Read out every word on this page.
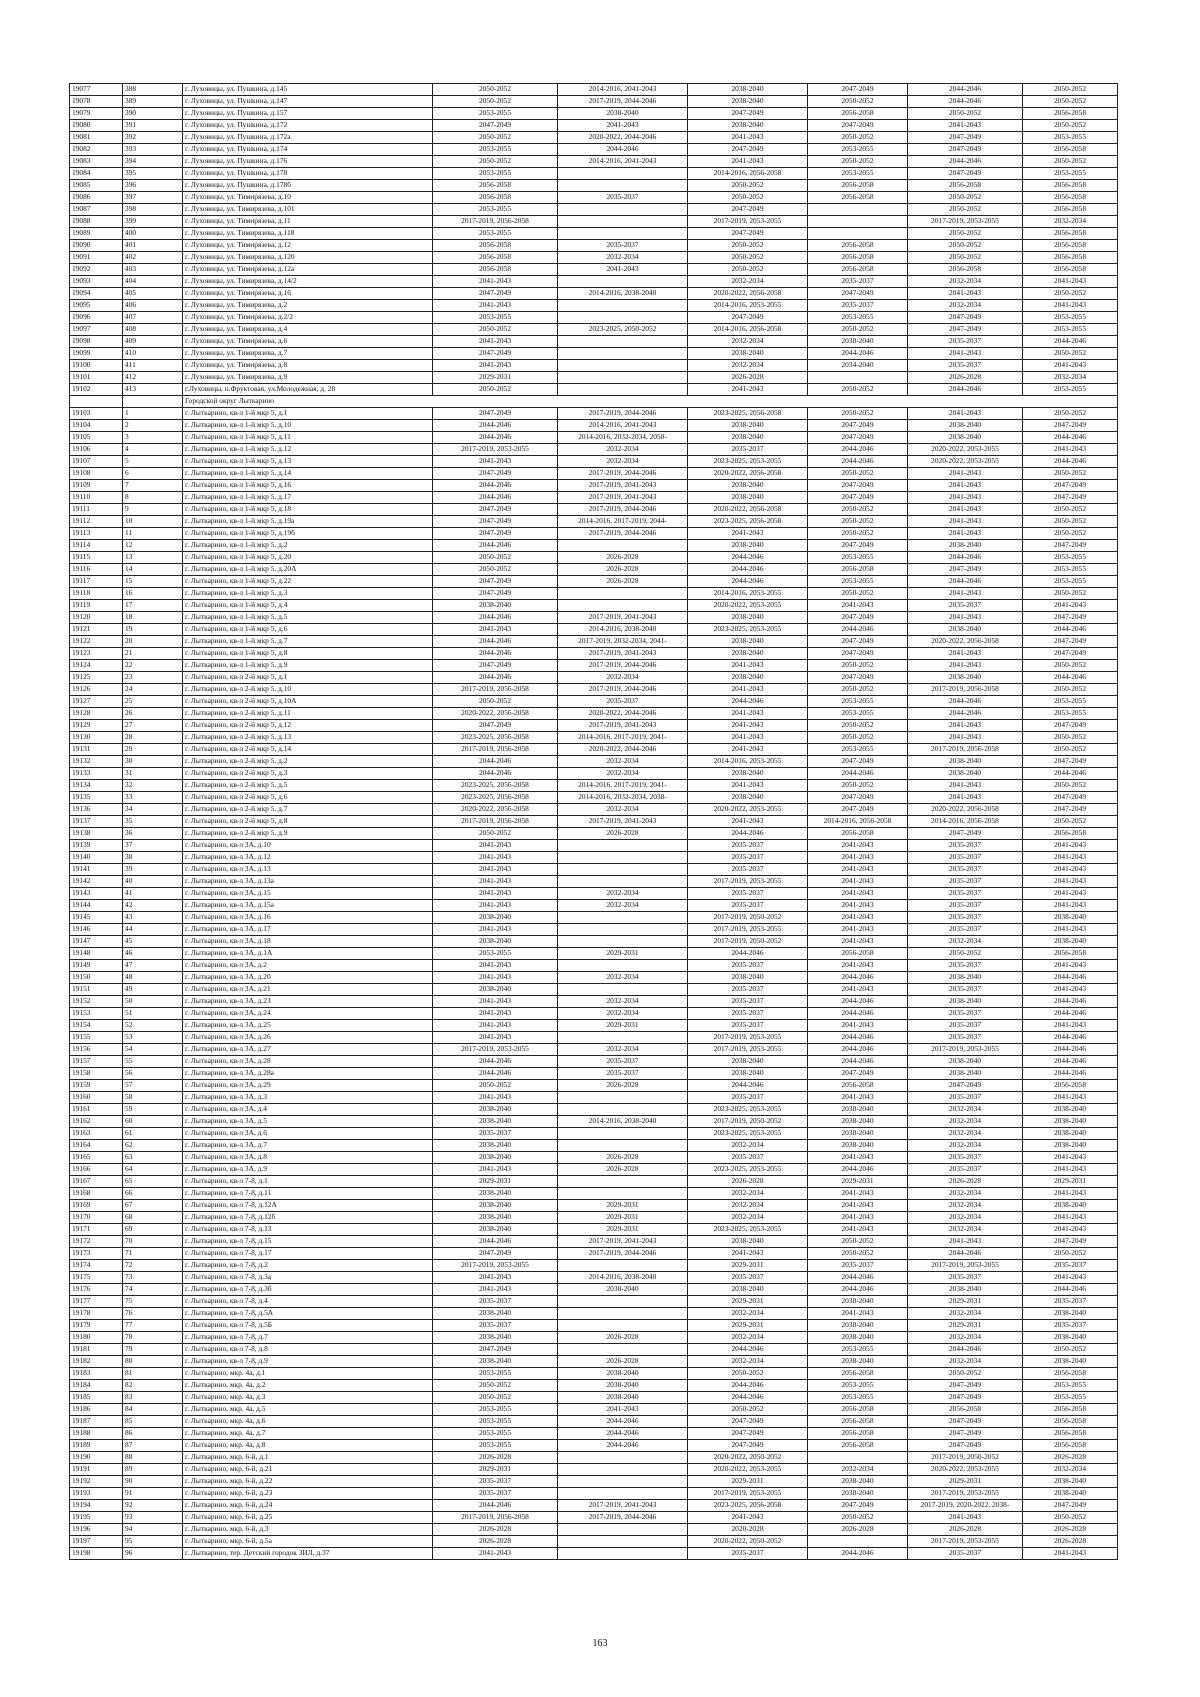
19077	388	г. Луховицы, ул. Пушкина, д.145	2050-2052	2014-2016, 2041-2043	2038-2040	2047-2049	2044-2046	2050-2052
19078	389	г. Луховицы, ул. Пушкина, д.147	2050-2052	2017-2019, 2044-2046	2038-2040	2050-2052	2044-2046	2050-2052
19079	390	г. Луховицы, ул. Пушкина, д.157	2053-2055	2038-2040	2047-2049	2056-2058	2050-2052	2056-2058
19080	391	г. Луховицы, ул. Пушкина, д.172	2047-2049	2041-2043	2038-2040	2047-2049	2041-2043	2050-2052
19081	392	г. Луховицы, ул. Пушкина, д.172а	2050-2052	2020-2022, 2044-2046	2041-2043	2050-2052	2047-2049	2053-2055
19082	393	г. Луховицы, ул. Пушкина, д.174	2053-2055	2044-2046	2047-2049	2053-2055	2047-2049	2056-2058
19083	394	г. Луховицы, ул. Пушкина, д.176	2050-2052	2014-2016, 2041-2043	2041-2043	2050-2052	2044-2046	2050-2052
19084	395	г. Луховицы, ул. Пушкина, д.178	2053-2055		2014-2016, 2056-2058	2053-2055	2047-2049	2053-2055
19085	396	г. Луховицы, ул. Пушкина, д.178б	2056-2058		2050-2052	2056-2058	2056-2058	2056-2058
19086	397	г. Луховицы, ул. Тимирязева, д.10	2056-2058	2035-2037	2050-2052	2056-2058	2050-2052	2056-2058
19087	398	г. Луховицы, ул. Тимирязева, д.101	2053-2055		2047-2049		2050-2052	2056-2058
19088	399	г. Луховицы, ул. Тимирязева, д.11	2017-2019, 2056-2058		2017-2019, 2053-2055		2017-2019, 2053-2055	2032-2034
19089	400	г. Луховицы, ул. Тимирязева, д.118	2053-2055		2047-2049		2050-2052	2056-2058
19090	401	г. Луховицы, ул. Тимирязева, д.12	2056-2058	2035-2037	2050-2052	2056-2058	2050-2052	2056-2058
19091	402	г. Луховицы, ул. Тимирязева, д.120	2056-2058	2032-2034	2050-2052	2056-2058	2050-2052	2056-2058
19092	403	г. Луховицы, ул. Тимирязева, д.12а	2056-2058	2041-2043	2050-2052	2056-2058	2056-2058	2056-2058
19093	404	г. Луховицы, ул. Тимирязева, д.14/2	2041-2043		2032-2034	2035-2037	2032-2034	2041-2043
19094	405	г. Луховицы, ул. Тимирязева, д.16	2047-2049	2014-2016, 2038-2040	2020-2022, 2056-2058	2047-2049	2041-2043	2050-2052
19095	406	г. Луховицы, ул. Тимирязева, д.2	2041-2043		2014-2016, 2053-2055	2035-2037	2032-2034	2041-2043
19096	407	г. Луховицы, ул. Тимирязева, д.2/2	2053-2055		2047-2049	2053-2055	2047-2049	2053-2055
19097	408	г. Луховицы, ул. Тимирязева, д.4	2050-2052	2023-2025, 2050-2052	2014-2016, 2056-2058	2050-2052	2047-2049	2053-2055
19098	409	г. Луховицы, ул. Тимирязева, д.6	2041-2043		2032-2034	2038-2040	2035-2037	2044-2046
19099	410	г. Луховицы, ул. Тимирязева, д.7	2047-2049		2038-2040	2044-2046	2041-2043	2050-2052
19100	411	г. Луховицы, ул. Тимирязева, д.8	2041-2043		2032-2034	2034-2040	2035-2037	2041-2043
19101	412	г. Луховицы, ул. Тимирязева, д.9	2029-2031		2026-2028		2026-2028	2032-2034
19102	413	г.Луховицы, п.Фруктовая, ул.Молодежная, д. 28	2050-2052		2041-2043	2050-2052	2044-2046	2053-2055
		Городской округ Лыткарино						
19103	1	г. Лыткарино, кв-л 1-й мкр 5, д.1	2047-2049	2017-2019, 2044-2046	2023-2025, 2056-2058	2050-2052	2041-2043	2050-2052
19104	2	г. Лыткарино, кв-л 1-й мкр 5, д.10	2044-2046	2014-2016, 2041-2043	2038-2040	2047-2049	2038-2040	2047-2049
19105	3	г. Лыткарино, кв-л 1-й мкр 5, д.11	2044-2046	2014-2016, 2032-2034, 2050-	2038-2040	2047-2049	2038-2040	2044-2046
19106	4	г. Лыткарино, кв-л 1-й мкр 5, д.12	2017-2019, 2053-2055	2032-2034	2035-2037	2044-2046	2020-2022, 2053-2055	2041-2043
19107	5	г. Лыткарино, кв-л 1-й мкр 5, д.13	2041-2043	2032-2034	2023-2025, 2053-2055	2044-2046	2020-2022, 2053-2055	2044-2046
19108	6	г. Лыткарино, кв-л 1-й мкр 5, д.14	2047-2049	2017-2019, 2044-2046	2020-2022, 2056-2058	2050-2052	2041-2043	2050-2052
19109	7	г. Лыткарино, кв-л 1-й мкр 5, д.16	2044-2046	2017-2019, 2041-2043	2038-2040	2047-2049	2041-2043	2047-2049
19110	8	г. Лыткарино, кв-л 1-й мкр 5, д.17	2044-2046	2017-2019, 2041-2043	2038-2040	2047-2049	2041-2043	2047-2049
19111	9	г. Лыткарино, кв-л 1-й мкр 5, д.18	2047-2049	2017-2019, 2044-2046	2020-2022, 2056-2058	2050-2052	2041-2043	2050-2052
19112	10	г. Лыткарино, кв-л 1-й мкр 5, д.19а	2047-2049	2014-2016, 2017-2019, 2044-	2023-2025, 2056-2058	2050-2052	2041-2043	2050-2052
19113	11	г. Лыткарино, кв-л 1-й мкр 5, д.19б	2047-2049	2017-2019, 2044-2046	2041-2043	2050-2052	2041-2043	2050-2052
19114	12	г. Лыткарино, кв-л 1-й мкр 5, д.2	2044-2046		2038-2040	2047-2049	2038-2040	2047-2049
19115	13	г. Лыткарино, кв-л 1-й мкр 5, д.20	2050-2052	2026-2028	2044-2046	2053-2055	2044-2046	2053-2055
19116	14	г. Лыткарино, кв-л 1-й мкр 5, д.20А	2050-2052	2026-2028	2044-2046	2056-2058	2047-2049	2053-2055
19117	15	г. Лыткарино, кв-л 1-й мкр 5, д.22	2047-2049	2026-2028	2044-2046	2053-2055	2044-2046	2053-2055
19118	16	г. Лыткарино, кв-л 1-й мкр 5, д.3	2047-2049		2014-2016, 2053-2055	2050-2052	2041-2043	2050-2052
19119	17	г. Лыткарино, кв-л 1-й мкр 5, д.4	2038-2040		2020-2022, 2053-2055	2041-2043	2035-2037	2041-2043
19120	18	г. Лыткарино, кв-л 1-й мкр 5, д.5	2044-2046	2017-2019, 2041-2043	2038-2040	2047-2049	2041-2043	2047-2049
19121	19	г. Лыткарино, кв-л 1-й мкр 5, д.6	2041-2043	2014-2016, 2038-2040	2023-2025, 2053-2055	2044-2046	2038-2040	2044-2046
19122	20	г. Лыткарино, кв-л 1-й мкр 5, д.7	2044-2046	2017-2019, 2032-2034, 2041-	2038-2040	2047-2049	2020-2022, 2056-2058	2047-2049
19123	21	г. Лыткарино, кв-л 1-й мкр 5, д.8	2044-2046	2017-2019, 2041-2043	2038-2040	2047-2049	2041-2043	2047-2049
19124	22	г. Лыткарино, кв-л 1-й мкр 5, д.9	2047-2049	2017-2019, 2044-2046	2041-2043	2050-2052	2041-2043	2050-2052
19125	23	г. Лыткарино, кв-л 2-й мкр 5, д.1	2044-2046	2032-2034	2038-2040	2047-2049	2038-2040	2044-2046
19126	24	г. Лыткарино, кв-л 2-й мкр 5, д.10	2017-2019, 2056-2058	2017-2019, 2044-2046	2041-2043	2050-2052	2017-2019, 2056-2058	2050-2052
19127	25	г. Лыткарино, кв-л 2-й мкр 5, д.10А	2050-2052	2035-2037	2044-2046	2053-2055	2044-2046	2053-2055
19128	26	г. Лыткарино, кв-л 2-й мкр 5, д.11	2020-2022, 2056-2058	2020-2022, 2044-2046	2041-2043	2053-2055	2044-2046	2053-2055
19129	27	г. Лыткарино, кв-л 2-й мкр 5, д.12	2047-2049	2017-2019, 2041-2043	2041-2043	2050-2052	2041-2043	2047-2049
19130	28	г. Лыткарино, кв-л 2-й мкр 5, д.13	2023-2025, 2056-2058	2014-2016, 2017-2019, 2041-	2041-2043	2050-2052	2041-2043	2050-2052
19131	29	г. Лыткарино, кв-л 2-й мкр 5, д.14	2017-2019, 2056-2058	2020-2022, 2044-2046	2041-2043	2053-2055	2017-2019, 2056-2058	2050-2052
19132	30	г. Лыткарино, кв-л 2-й мкр 5, д.2	2044-2046	2032-2034	2014-2016, 2053-2055	2047-2049	2038-2040	2047-2049
19133	31	г. Лыткарино, кв-л 2-й мкр 5, д.3	2044-2046	2032-2034	2038-2040	2044-2046	2038-2040	2044-2046
19134	32	г. Лыткарино, кв-л 2-й мкр 5, д.5	2023-2025, 2056-2058	2014-2016, 2017-2019, 2041-	2041-2043	2050-2052	2041-2043	2050-2052
19135	33	г. Лыткарино, кв-л 2-й мкр 5, д.6	2023-2025, 2056-2058	2014-2016, 2032-2034, 2038-	2038-2040	2047-2049	2041-2043	2047-2049
19136	34	г. Лыткарино, кв-л 2-й мкр 5, д.7	2020-2022, 2056-2058	2032-2034	2020-2022, 2053-2055	2047-2049	2020-2022, 2056-2058	2047-2049
19137	35	г. Лыткарино, кв-л 2-й мкр 5, д.8	2017-2019, 2056-2058	2017-2019, 2041-2043	2041-2043	2014-2016, 2056-2058	2014-2016, 2056-2058	2050-2052
19138	36	г. Лыткарино, кв-л 2-й мкр 5, д.9	2050-2052	2026-2028	2044-2046	2056-2058	2047-2049	2056-2058
19139	37	г. Лыткарино, кв-л 3А, д.10	2041-2043		2035-2037	2041-2043	2035-2037	2041-2043
19140	38	г. Лыткарино, кв-л 3А, д.12	2041-2043		2035-2037	2041-2043	2035-2037	2041-2043
19141	39	г. Лыткарино, кв-л 3А, д.13	2041-2043		2035-2037	2041-2043	2035-2037	2041-2043
19142	40	г. Лыткарино, кв-л 3А, д.13а	2041-2043		2017-2019, 2053-2055	2041-2043	2035-2037	2041-2043
19143	41	г. Лыткарино, кв-л 3А, д.15	2041-2043	2032-2034	2035-2037	2041-2043	2035-2037	2041-2043
19144	42	г. Лыткарино, кв-л 3А, д.15а	2041-2043	2032-2034	2035-2037	2041-2043	2035-2037	2041-2043
19145	43	г. Лыткарино, кв-л 3А, д.16	2038-2040		2017-2019, 2050-2052	2041-2043	2035-2037	2038-2040
19146	44	г. Лыткарино, кв-л 3А, д.17	2041-2043		2017-2019, 2053-2055	2041-2043	2035-2037	2041-2043
19147	45	г. Лыткарино, кв-л 3А, д.18	2038-2040		2017-2019, 2050-2052	2041-2043	2032-2034	2038-2040
19148	46	г. Лыткарино, кв-л 3А, д.1А	2053-2055	2029-2031	2044-2046	2056-2058	2050-2052	2056-2058
19149	47	г. Лыткарино, кв-л 3А, д.2	2041-2043		2035-2037	2041-2043	2035-2037	2041-2043
19150	48	г. Лыткарино, кв-л 3А, д.20	2041-2043	2032-2034	2038-2040	2044-2046	2038-2040	2044-2046
19151	49	г. Лыткарино, кв-л 3А, д.21	2038-2040		2035-2037	2041-2043	2035-2037	2041-2043
19152	50	г. Лыткарино, кв-л 3А, д.23	2041-2043	2032-2034	2035-2037	2044-2046	2038-2040	2044-2046
19153	51	г. Лыткарино, кв-л 3А, д.24	2041-2043	2032-2034	2035-2037	2044-2046	2035-2037	2044-2046
19154	52	г. Лыткарино, кв-л 3А, д.25	2041-2043	2029-2031	2035-2037	2041-2043	2035-2037	2041-2043
19155	53	г. Лыткарино, кв-л 3А, д.26	2041-2043		2017-2019, 2053-2055	2044-2046	2035-2037	2044-2046
19156	54	г. Лыткарино, кв-л 3А, д.27	2017-2019, 2053-2055	2032-2034	2017-2019, 2053-2055	2044-2046	2017-2019, 2053-2055	2044-2046
19157	55	г. Лыткарино, кв-л 3А, д.28	2044-2046	2035-2037	2038-2040	2044-2046	2038-2040	2044-2046
19158	56	г. Лыткарино, кв-л 3А, д.28а	2044-2046	2035-2037	2038-2040	2047-2049	2038-2040	2044-2046
19159	57	г. Лыткарино, кв-л 3А, д.29	2050-2052	2026-2028	2044-2046	2056-2058	2047-2049	2056-2058
19160	58	г. Лыткарино, кв-л 3А, д.3	2041-2043		2035-2037	2041-2043	2035-2037	2041-2043
19161	59	г. Лыткарино, кв-л 3А, д.4	2038-2040		2023-2025, 2053-2055	2038-2040	2032-2034	2038-2040
19162	60	г. Лыткарино, кв-л 3А, д.5	2038-2040	2014-2016, 2038-2040	2017-2019, 2050-2052	2038-2040	2032-2034	2038-2040
19163	61	г. Лыткарино, кв-л 3А, д.6	2035-2037		2023-2025, 2053-2055	2038-2040	2032-2034	2038-2040
19164	62	г. Лыткарино, кв-л 3А, д.7	2038-2040		2032-2034	2038-2040	2032-2034	2038-2040
19165	63	г. Лыткарино, кв-л 3А, д.8	2038-2040	2026-2028	2035-2037	2041-2043	2035-2037	2041-2043
19166	64	г. Лыткарино, кв-л 3А, д.9	2041-2043	2026-2028	2023-2025, 2053-2055	2044-2046	2035-2037	2041-2043
19167	65	г. Лыткарино, кв-л 7-8, д.1	2029-2031		2026-2028	2029-2031	2026-2028	2029-2031
19168	66	г. Лыткарино, кв-л 7-8, д.11	2038-2040		2032-2034	2041-2043	2032-2034	2041-2043
19169	67	г. Лыткарино, кв-л 7-8, д.12А	2038-2040	2029-2031	2032-2034	2041-2043	2032-2034	2038-2040
19170	68	г. Лыткарино, кв-л 7-8, д.12б	2038-2040	2029-2031	2032-2034	2041-2043	2032-2034	2041-2043
19171	69	г. Лыткарино, кв-л 7-8, д.13	2038-2040	2029-2031	2023-2025, 2053-2055	2041-2043	2032-2034	2041-2043
19172	70	г. Лыткарино, кв-л 7-8, д.15	2044-2046	2017-2019, 2041-2043	2038-2040	2050-2052	2041-2043	2047-2049
19173	71	г. Лыткарино, кв-л 7-8, д.17	2047-2049	2017-2019, 2044-2046	2041-2043	2050-2052	2044-2046	2050-2052
19174	72	г. Лыткарино, кв-л 7-8, д.2	2017-2019, 2053-2055		2029-2031	2035-2037	2017-2019, 2053-2055	2035-2037
19175	73	г. Лыткарино, кв-л 7-8, д.3а	2041-2043	2014-2016, 2038-2040	2035-2037	2044-2046	2035-2037	2041-2043
19176	74	г. Лыткарино, кв-л 7-8, д.3б	2041-2043	2038-2040	2038-2040	2044-2046	2038-2040	2044-2046
19177	75	г. Лыткарино, кв-л 7-8, д.4	2035-2037		2029-2031	2038-2040	2029-2031	2035-2037
19178	76	г. Лыткарино, кв-л 7-8, д.5А	2038-2040		2032-2034	2041-2043	2032-2034	2038-2040
19179	77	г. Лыткарино, кв-л 7-8, д.5Б	2035-2037		2029-2031	2038-2040	2029-2031	2035-2037
19180	78	г. Лыткарино, кв-л 7-8, д.7	2038-2040	2026-2028	2032-2034	2038-2040	2032-2034	2038-2040
19181	79	г. Лыткарино, кв-л 7-8, д.8	2047-2049		2044-2046	2053-2055	2044-2046	2050-2052
19182	80	г. Лыткарино, кв-л 7-8, д.9	2038-2040	2026-2028	2032-2034	2038-2040	2032-2034	2038-2040
19183	81	г. Лыткарино, мкр. 4а, д.1	2053-2055	2038-2040	2050-2052	2056-2058	2050-2052	2056-2058
19184	82	г. Лыткарино, мкр. 4а, д.2	2050-2052	2038-2040	2044-2046	2053-2055	2047-2049	2053-2055
19185	83	г. Лыткарино, мкр. 4а, д.3	2050-2052	2038-2040	2044-2046	2053-2055	2047-2049	2053-2055
19186	84	г. Лыткарино, мкр. 4а, д.5	2053-2055	2041-2043	2050-2052	2056-2058	2056-2058	2056-2058
19187	85	г. Лыткарино, мкр. 4а, д.6	2053-2055	2044-2046	2047-2049	2056-2058	2047-2049	2056-2058
19188	86	г. Лыткарино, мкр. 4а, д.7	2053-2055	2044-2046	2047-2049	2056-2058	2047-2049	2056-2058
19189	87	г. Лыткарино, мкр. 4а, д.8	2053-2055	2044-2046	2047-2049	2056-2058	2047-2049	2056-2058
19190	88	г. Лыткарино, мкр. 6-й, д.1	2026-2028		2020-2022, 2050-2052		2017-2019, 2050-2052	2026-2028
19191	89	г. Лыткарино, мкр. 6-й, д.21	2029-2031		2020-2022, 2053-2055	2032-2034	2020-2022, 2053-2055	2032-2034
19192	90	г. Лыткарино, мкр. 6-й, д.22	2035-2037		2029-2031	2038-2040	2029-2031	2038-2040
19193	91	г. Лыткарино, мкр. 6-й, д.23	2035-2037		2017-2019, 2053-2055	2038-2040	2017-2019, 2053-2055	2038-2040
19194	92	г. Лыткарино, мкр. 6-й, д.24	2044-2046	2017-2019, 2041-2043	2023-2025, 2056-2058	2047-2049	2017-2019, 2020-2022, 2038-	2047-2049
19195	93	г. Лыткарино, мкр. 6-й, д.25	2017-2019, 2056-2058	2017-2019, 2044-2046	2041-2043	2050-2052	2041-2043	2050-2052
19196	94	г. Лыткарино, мкр. 6-й, д.3	2026-2028		2020-2028	2026-2028	2026-2028	2026-2028
19197	95	г. Лыткарино, мкр. 6-й, д.5а	2026-2028		2020-2022, 2050-2052		2017-2019, 2053-2055	2026-2028
19198	96	г. Лыткарино, тер. Детский городок ЗИЛ, д.37	2041-2043		2035-2037	2044-2046	2035-2037	2041-2043
163
